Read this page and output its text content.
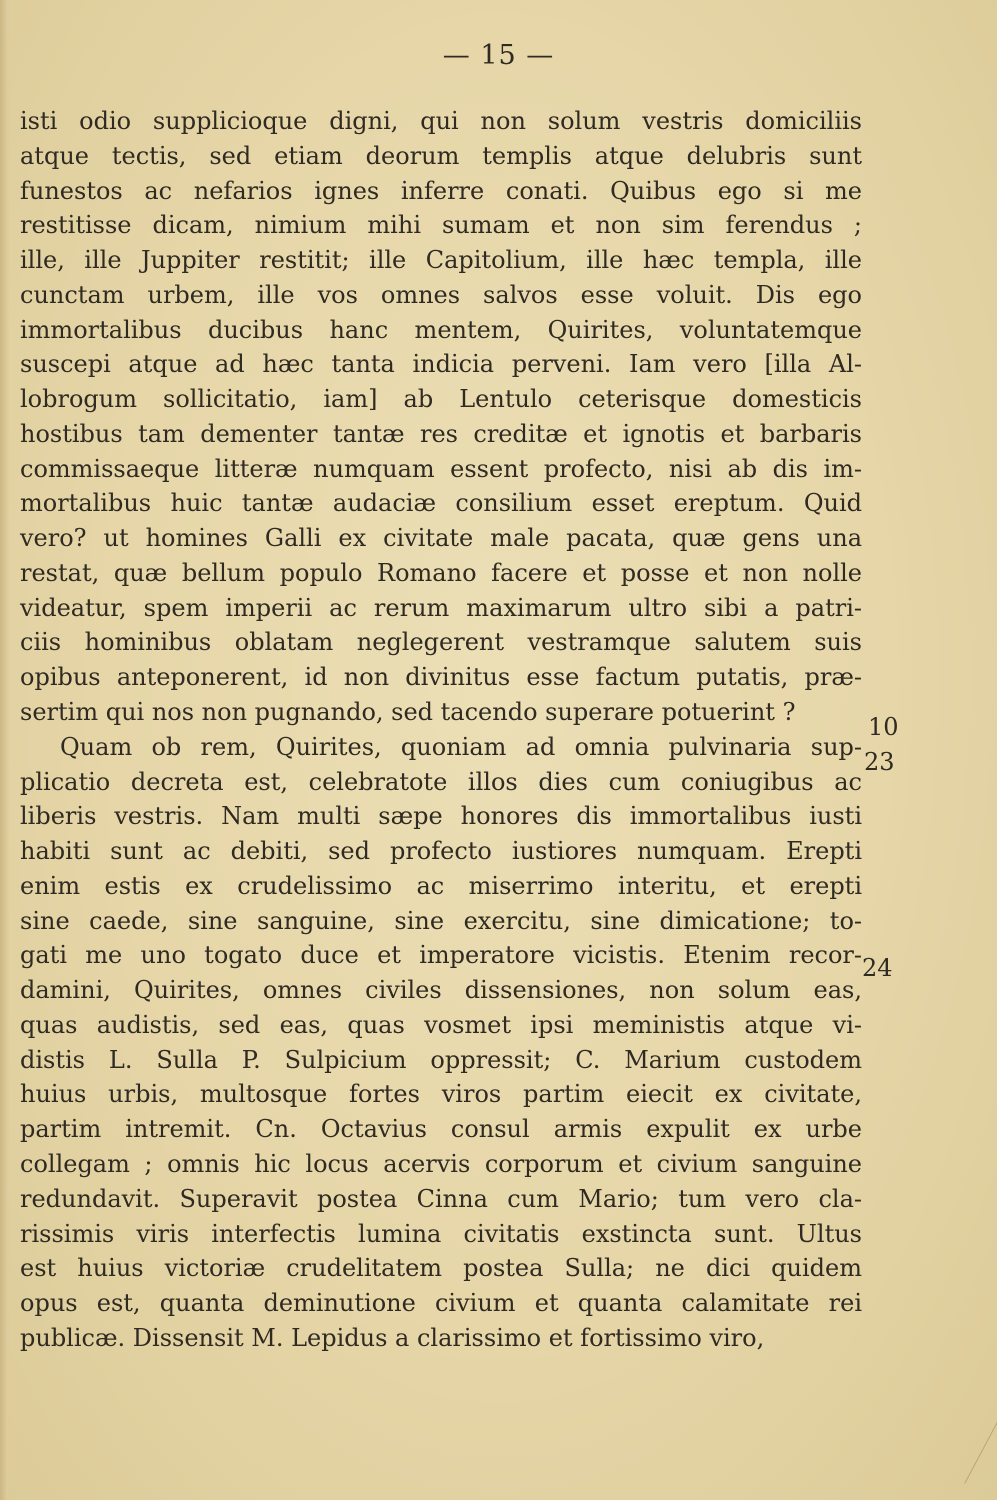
— 15 —
isti odio supplicioque digni, qui non solum vestris domiciliis
atque tectis, sed etiam deorum templis atque delubris sunt
funestos ac nefarios ignes inferre conati. Quibus ego si me
restitisse dicam, nimium mihi sumam et non sim ferendus ;
ille, ille Juppiter restitit; ille Capitolium, ille hæc templa, ille
cunctam urbem, ille vos omnes salvos esse voluit. Dis ego
immortalibus ducibus hanc mentem, Quirites, voluntatemque
suscepi atque ad hæc tanta indicia perveni. Iam vero [illa Al-
lobrogum sollicitatio, iam] ab Lentulo ceterisque domesticis
hostibus tam dementer tantæ res creditæ et ignotis et barbaris
commissaeque litteræ numquam essent profecto, nisi ab dis im-
mortalibus huic tantæ audaciæ consilium esset ereptum. Quid
vero? ut homines Galli ex civitate male pacata, quæ gens una
restat, quæ bellum populo Romano facere et posse et non nolle
videatur, spem imperii ac rerum maximarum ultro sibi a patri-
ciis hominibus oblatam neglegerent vestramque salutem suis
opibus anteponerent, id non divinitus esse factum putatis, præ-
sertim qui nos non pugnando, sed tacendo superare potuerint ?
Quam ob rem, Quirites, quoniam ad omnia pulvinaria sup-
plicatio decreta est, celebratote illos dies cum coniugibus ac
liberis vestris. Nam multi sæpe honores dis immortalibus iusti
habiti sunt ac debiti, sed profecto iustiores numquam. Erepti
enim estis ex crudelissimo ac miserrimo interitu, et erepti
sine caede, sine sanguine, sine exercitu, sine dimicatione; to-
gati me uno togato duce et imperatore vicistis. Etenim recor-
damini, Quirites, omnes civiles dissensiones, non solum eas,
quas audistis, sed eas, quas vosmet ipsi meministis atque vi-
distis L. Sulla P. Sulpicium oppressit; C. Marium custodem
huius urbis, multosque fortes viros partim eiecit ex civitate,
partim intremit. Cn. Octavius consul armis expulit ex urbe
collegam ; omnis hic locus acervis corporum et civium sanguine
redundavit. Superavit postea Cinna cum Mario; tum vero cla-
rissimis viris interfectis lumina civitatis exstincta sunt. Ultus
est huius victoriæ crudelitatem postea Sulla; ne dici quidem
opus est, quanta deminutione civium et quanta calamitate rei
publicæ. Dissensit M. Lepidus a clarissimo et fortissimo viro,
10
23
24
